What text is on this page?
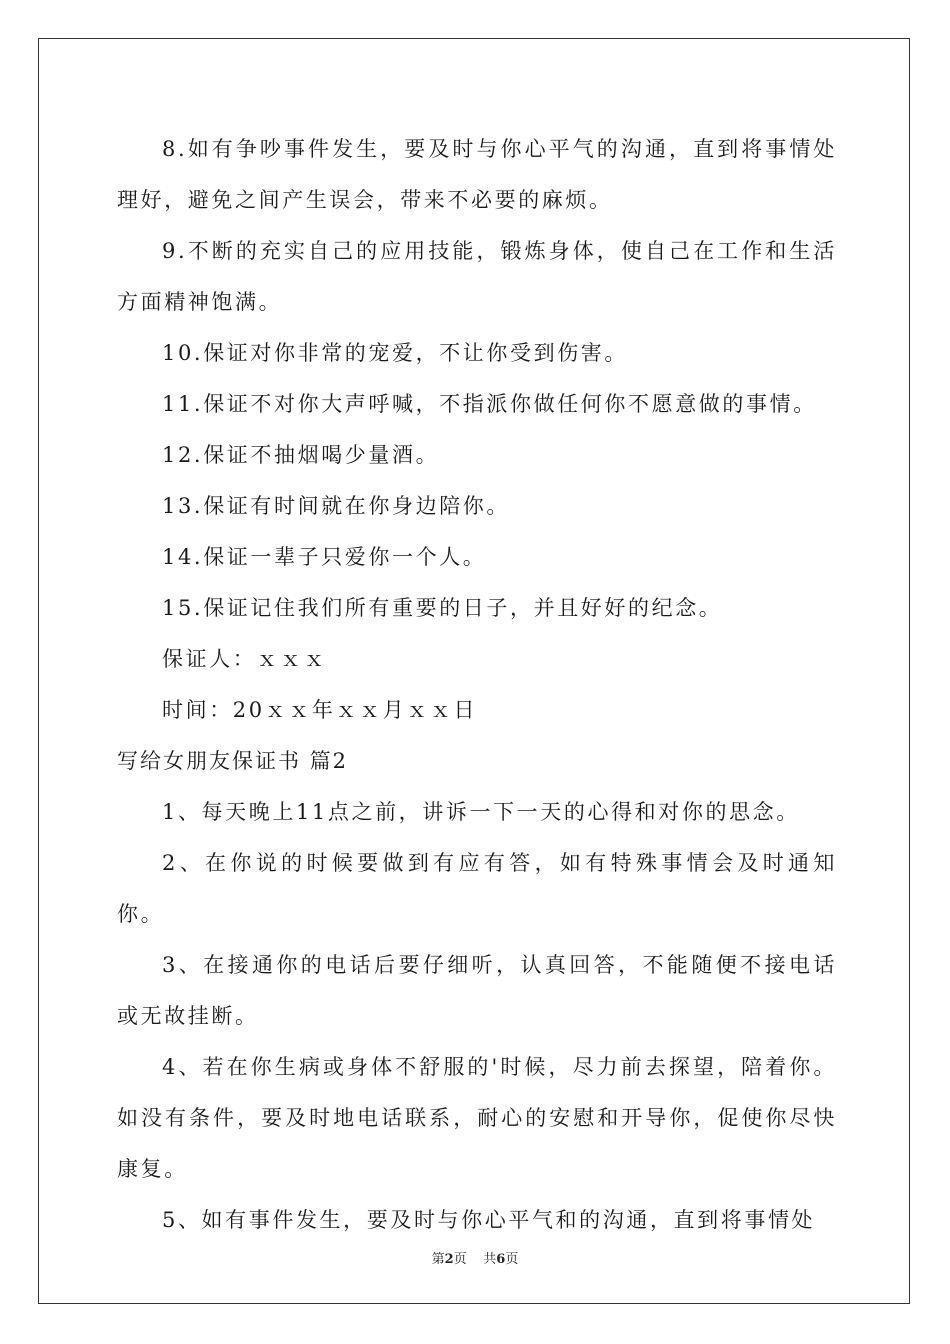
8.如有争吵事件发生，要及时与你心平气的沟通，直到将事情处理好，避免之间产生误会，带来不必要的麻烦。

9.不断的充实自己的应用技能，锻炼身体，使自己在工作和生活方面精神饱满。

10.保证对你非常的宠爱，不让你受到伤害。

11.保证不对你大声呼喊，不指派你做任何你不愿意做的事情。

12.保证不抽烟喝少量酒。

13.保证有时间就在你身边陪你。

14.保证一辈子只爱你一个人。

15.保证记住我们所有重要的日子，并且好好的纪念。

保证人：ｘｘｘ

时间：20ｘｘ年ｘｘ月ｘｘ日

写给女朋友保证书 篇2

1、每天晚上11点之前，讲诉一下一天的心得和对你的思念。

2、在你说的时候要做到有应有答，如有特殊事情会及时通知你。

3、在接通你的电话后要仔细听，认真回答，不能随便不接电话或无故挂断。

4、若在你生病或身体不舒服的'时候，尽力前去探望，陪着你。如没有条件，要及时地电话联系，耐心的安慰和开导你，促使你尽快康复。

5、如有事件发生，要及时与你心平气和的沟通，直到将事情处

第2页 共6页
